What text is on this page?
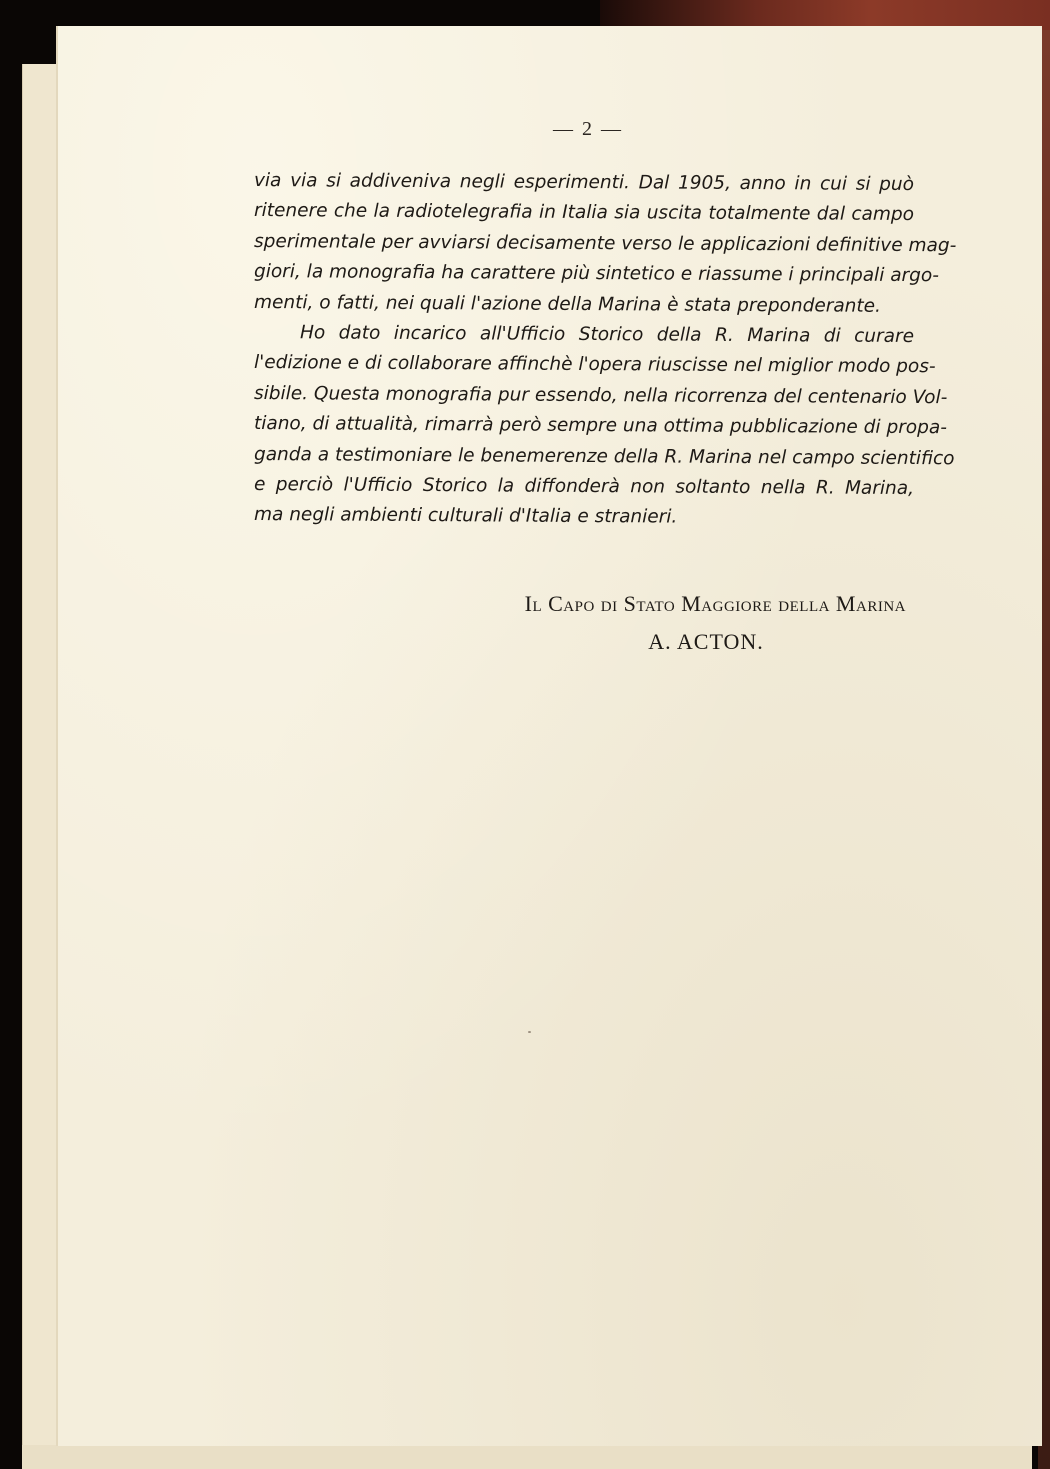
— 2 —
via via si addiveniva negli esperimenti. Dal 1905, anno in cui si può
ritenere che la radiotelegrafia in Italia sia uscita totalmente dal campo
sperimentale per avviarsi decisamente verso le applicazioni definitive mag-
giori, la monografia ha carattere più sintetico e riassume i principali argo-
menti, o fatti, nei quali l'azione della Marina è stata preponderante.
Ho dato incarico all'Ufficio Storico della R. Marina di curare
l'edizione e di collaborare affinchè l'opera riuscisse nel miglior modo pos-
sibile. Questa monografia pur essendo, nella ricorrenza del centenario Vol-
tiano, di attualità, rimarrà però sempre una ottima pubblicazione di propa-
ganda a testimoniare le benemerenze della R. Marina nel campo scientifico
e perciò l'Ufficio Storico la diffonderà non soltanto nella R. Marina,
ma negli ambienti culturali d'Italia e stranieri.
Il Capo di Stato Maggiore della Marina
A. ACTON.
